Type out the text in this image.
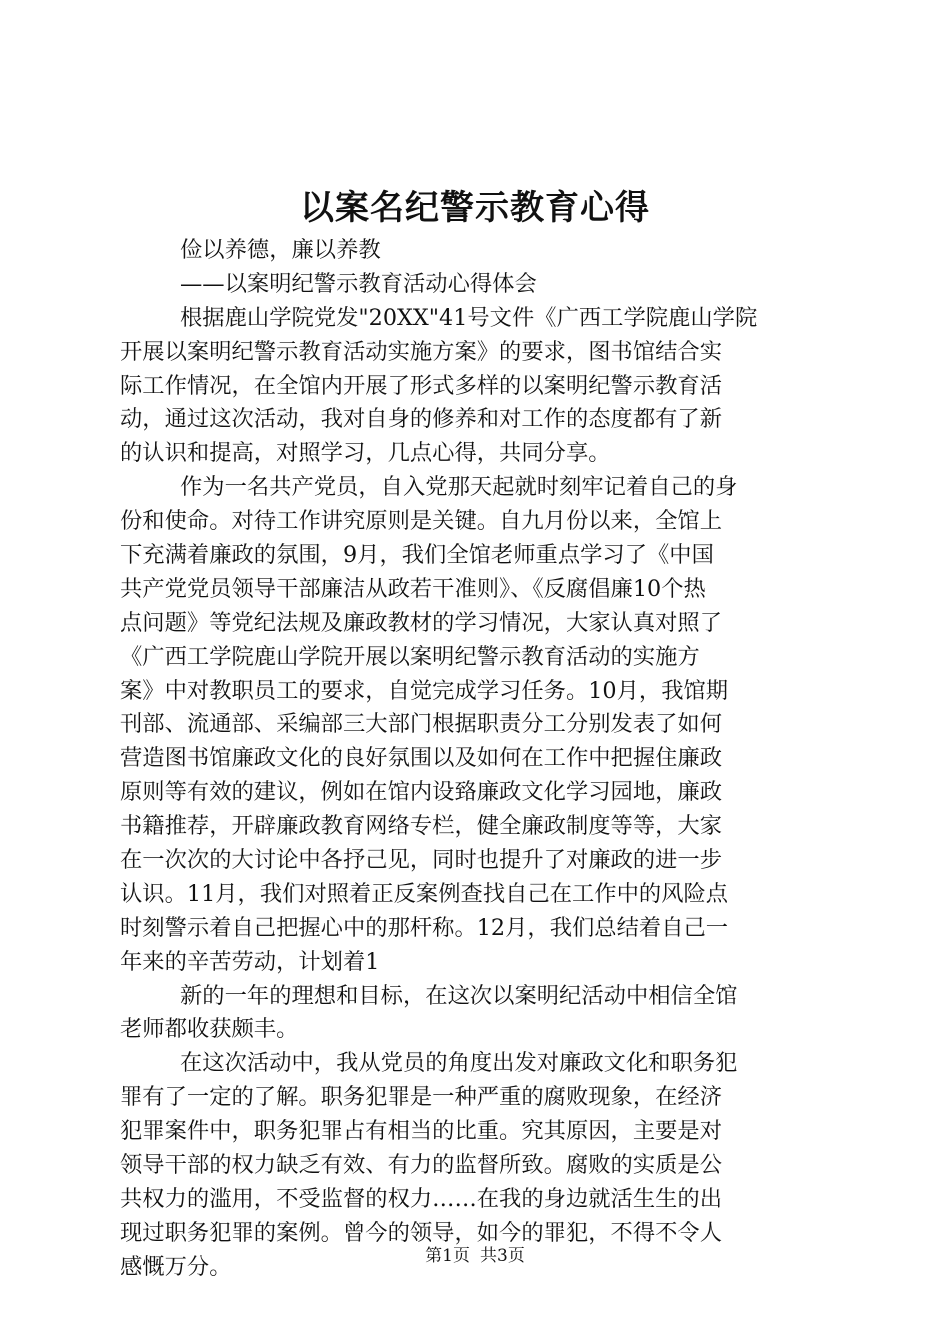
以案名纪警示教育心得
俭以养德，廉以养教
——以案明纪警示教育活动心得体会
根据鹿山学院党发"20XX"41号文件《广西工学院鹿山学院
开展以案明纪警示教育活动实施方案》的要求，图书馆结合实
际工作情况，在全馆内开展了形式多样的以案明纪警示教育活
动，通过这次活动，我对自身的修养和对工作的态度都有了新
的认识和提高，对照学习，几点心得，共同分享。
作为一名共产党员，自入党那天起就时刻牢记着自己的身
份和使命。对待工作讲究原则是关键。自九月份以来，全馆上
下充满着廉政的氛围，9月，我们全馆老师重点学习了《中国
共产党党员领导干部廉洁从政若干准则》、《反腐倡廉10个热
点问题》等党纪法规及廉政教材的学习情况，大家认真对照了
《广西工学院鹿山学院开展以案明纪警示教育活动的实施方
案》中对教职员工的要求，自觉完成学习任务。10月，我馆期
刊部、流通部、采编部三大部门根据职责分工分别发表了如何
营造图书馆廉政文化的良好氛围以及如何在工作中把握住廉政
原则等有效的建议，例如在馆内设臵廉政文化学习园地，廉政
书籍推荐，开辟廉政教育网络专栏，健全廉政制度等等，大家
在一次次的大讨论中各抒己见，同时也提升了对廉政的进一步
认识。11月，我们对照着正反案例查找自己在工作中的风险点
时刻警示着自己把握心中的那杆称。12月，我们总结着自己一
年来的辛苦劳动，计划着1
新的一年的理想和目标，在这次以案明纪活动中相信全馆
老师都收获颇丰。
在这次活动中，我从党员的角度出发对廉政文化和职务犯
罪有了一定的了解。职务犯罪是一种严重的腐败现象，在经济
犯罪案件中，职务犯罪占有相当的比重。究其原因，主要是对
领导干部的权力缺乏有效、有力的监督所致。腐败的实质是公
共权力的滥用，不受监督的权力……在我的身边就活生生的出
现过职务犯罪的案例。曾今的领导，如今的罪犯，不得不令人
感慨万分。	第1页 共3页
